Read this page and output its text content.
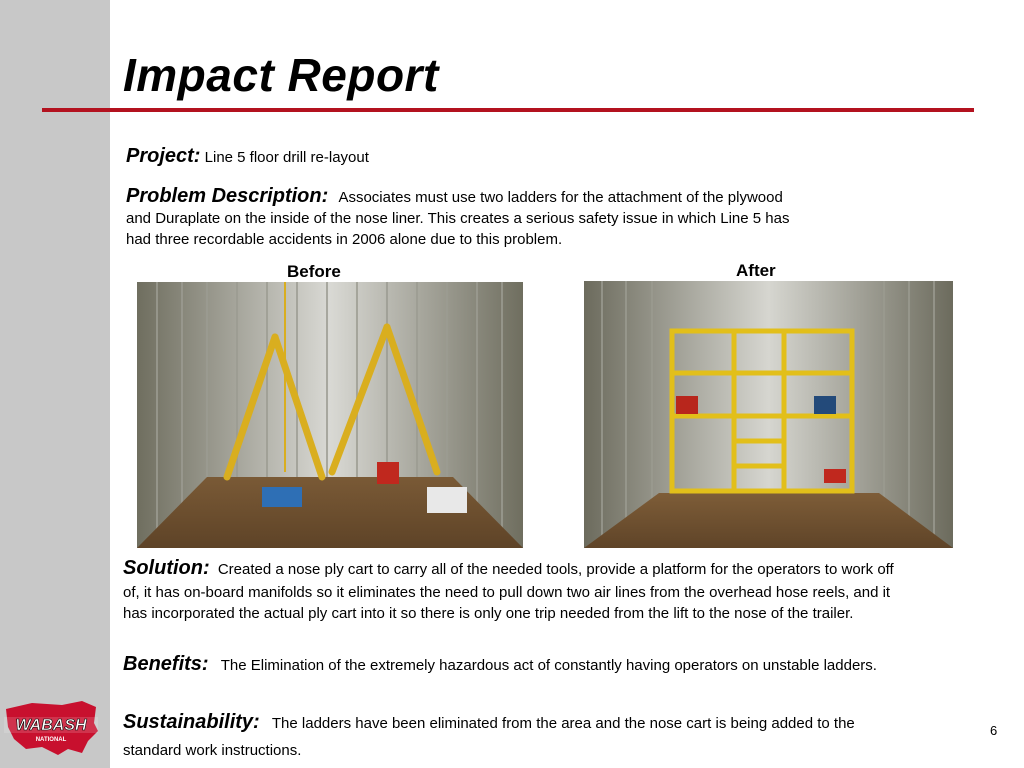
Impact Report
Project: Line 5 floor drill re-layout
Problem Description: Associates must use two ladders for the attachment of the plywood
and Duraplate on the inside of the nose liner. This creates a serious safety issue in which Line 5 has
had three recordable accidents in 2006 alone due to this problem.
Before	After
Solution: Created a nose ply cart to carry all of the needed tools, provide a platform for the operators to work off
of, it has on-board manifolds so it eliminates the need to pull down two air lines from the overhead hose reels, and it
has incorporated the actual ply cart into it so there is only one trip needed from the lift to the nose of the trailer.
Benefits: The Elimination of the extremely hazardous act of constantly having operators on unstable ladders.
Sustainability: The ladders have been eliminated from the area and the nose cart is being added to the
standard work instructions.
WABASH
NATIONAL
6
